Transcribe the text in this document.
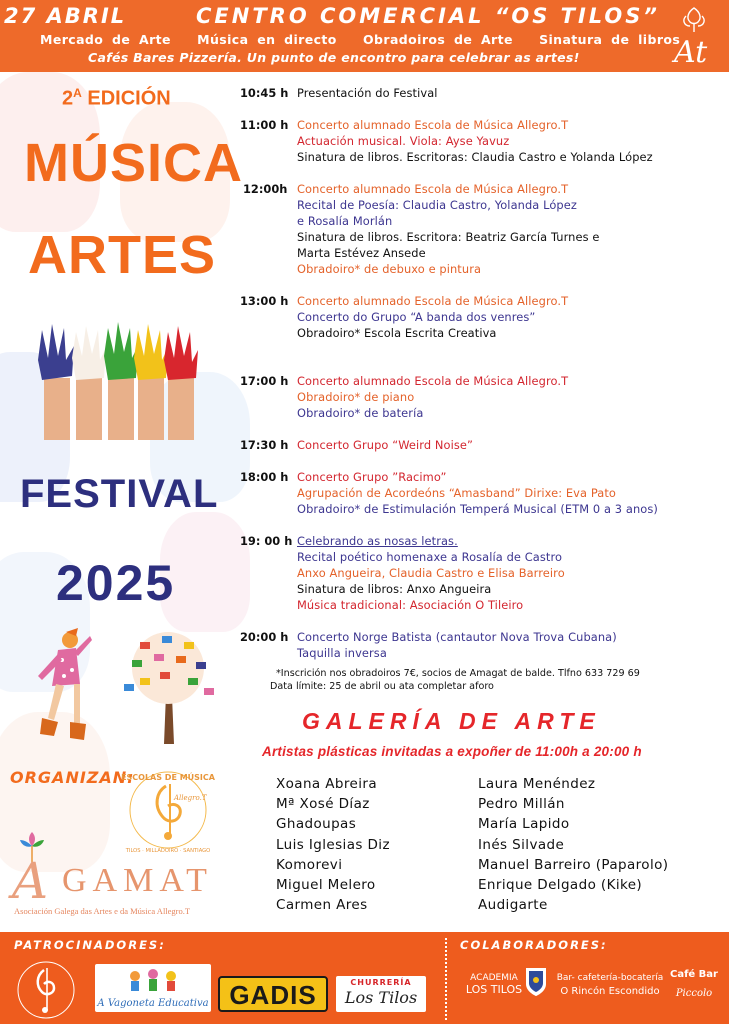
27 ABRIL	CENTRO COMERCIAL “OS TILOS”
Mercado de Arte   Música en directo   Obradoiros de Arte   Sinatura de libros
Cafés Bares Pizzería. Un punto de encontro para celebrar as artes!	At
$2^A$ EDICIÓN
MÚSICA
ARTES
FESTIVAL
2025
ORGANIZAN:
ESCOLAS DE MÚSICA
TILOS · MILLADOIRO · SANTIAGO
Allegro.T
A GAMAT
Asociación Galega das Artes e da Música Allegro.T
10:45 h Presentación do Festival
11:00 h Concerto alumnado Escola de Música Allegro.T
Actuación musical. Viola: Ayse Yavuz
Sinatura de libros. Escritoras: Claudia Castro e Yolanda López
12:00h Concerto alumnado Escola de Música Allegro.T
Recital de Poesía: Claudia Castro, Yolanda López
e Rosalía Morlán
Sinatura de libros. Escritora: Beatriz García Turnes e
Marta Estévez Ansede
Obradoiro* de debuxo e pintura
13:00 h Concerto alumnado Escola de Música Allegro.T
Concerto do Grupo “A banda dos venres”
Obradoiro* Escola Escrita Creativa
17:00 h Concerto alumnado Escola de Música Allegro.T
Obradoiro* de piano
Obradoiro* de batería
17:30 h Concerto Grupo “Weird Noise”
18:00 h Concerto Grupo ”Racimo”
Agrupación de Acordeóns “Amasband” Dirixe: Eva Pato
Obradoiro* de Estimulación Temperá Musical (ETM 0 a 3 anos)
19: 00 h Celebrando as nosas letras.
Recital poético homenaxe a Rosalía de Castro
Anxo Angueira, Claudia Castro e Elisa Barreiro
Sinatura de libros: Anxo Angueira
Música tradicional: Asociación O Tileiro
20:00 h Concerto Norge Batista (cantautor Nova Trova Cubana)
Taquilla inversa
*Inscrición nos obradoiros 7€, socios de Amagat de balde. Tlfno 633 729 69
Data límite: 25 de abril ou ata completar aforo
GALERÍA DE ARTE
Artistas plásticas invitadas a expoñer de 11:00h a 20:00 h
Xoana Abreira
Mª Xosé Díaz
Ghadoupas
Luis Iglesias Diz
Komorevi
Miguel Melero
Carmen Ares
Laura Menéndez
Pedro Millán
María Lapido
Inés Silvade
Manuel Barreiro (Paparolo)
Enrique Delgado (Kike)
Audigarte
PATROCINADORES:	COLABORADORES:
A Vagoneta Educativa GADIS	CHURRERÍA
Los Tilos
ACADEMIA
LOS TILOS
Bar- cafetería-bocatería
O Rincón Escondido
Café Bar
Piccolo
